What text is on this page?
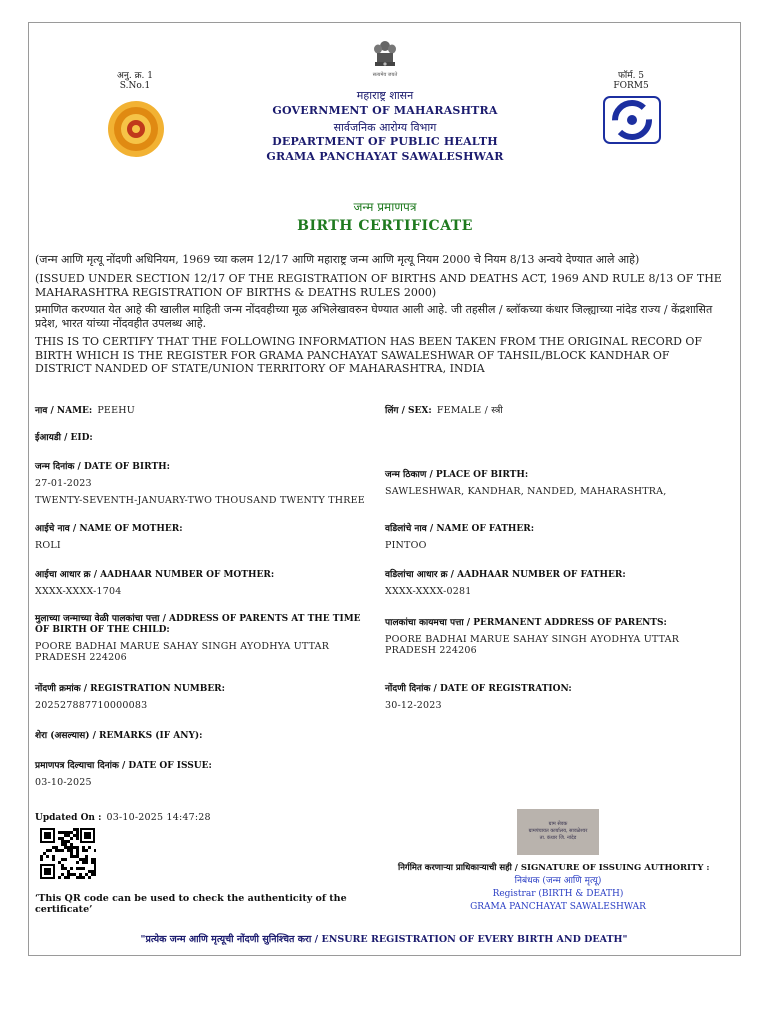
अनु. क्र. 1
S.No.1
फॉर्म. 5
FORM5
सत्यमेव जयते
महाराष्ट्र शासन
GOVERNMENT OF MAHARASHTRA
सार्वजनिक आरोग्य विभाग
DEPARTMENT OF PUBLIC HEALTH
GRAMA PANCHAYAT SAWALESHWAR
जन्म प्रमाणपत्र
BIRTH CERTIFICATE
(जन्म आणि मृत्यू नोंदणी अधिनियम, 1969 च्या कलम 12/17 आणि महाराष्ट्र जन्म आणि मृत्यू नियम 2000 चे नियम 8/13 अन्वये देण्यात आले आहे)
(ISSUED UNDER SECTION 12/17 OF THE REGISTRATION OF BIRTHS AND DEATHS ACT, 1969 AND RULE 8/13 OF THE MAHARASHTRA REGISTRATION OF BIRTHS & DEATHS RULES 2000)
प्रमाणित करण्यात येत आहे की खालील माहिती जन्म नोंदवहीच्या मूळ अभिलेखावरुन घेण्यात आली आहे. जी तहसील / ब्लॉकच्या कंधार जिल्ह्याच्या नांदेड राज्य / केंद्रशासित प्रदेश, भारत यांच्या नोंदवहीत उपलब्ध आहे.
THIS IS TO CERTIFY THAT THE FOLLOWING INFORMATION HAS BEEN TAKEN FROM THE ORIGINAL RECORD OF BIRTH WHICH IS THE REGISTER FOR GRAMA PANCHAYAT SAWALESHWAR OF TAHSIL/BLOCK KANDHAR OF DISTRICT NANDED OF STATE/UNION TERRITORY OF MAHARASHTRA, INDIA
नाव / NAME: PEEHU	लिंग / SEX: FEMALE / स्त्री
ईआयडी / EID:
जन्म दिनांक / DATE OF BIRTH:
27-01-2023
TWENTY-SEVENTH-JANUARY-TWO THOUSAND TWENTY THREE
जन्म ठिकाण / PLACE OF BIRTH:
SAWLESHWAR, KANDHAR, NANDED, MAHARASHTRA,
आईचे नाव / NAME OF MOTHER:
ROLI
वडिलांचे नाव / NAME OF FATHER:
PINTOO
आईचा आधार क्र / AADHAAR NUMBER OF MOTHER:
XXXX-XXXX-1704
वडिलांचा आधार क्र / AADHAAR NUMBER OF FATHER:
XXXX-XXXX-0281
मुलाच्या जन्माच्या वेळी पालकांचा पत्ता / ADDRESS OF PARENTS AT THE TIME OF BIRTH OF THE CHILD:
POORE BADHAI MARUE SAHAY SINGH AYODHYA UTTAR PRADESH 224206
पालकांचा कायमचा पत्ता / PERMANENT ADDRESS OF PARENTS:
POORE BADHAI MARUE SAHAY SINGH AYODHYA UTTAR PRADESH 224206
नोंदणी क्रमांक / REGISTRATION NUMBER:
202527887710000083
नोंदणी दिनांक / DATE OF REGISTRATION:
30-12-2023
शेरा (असल्यास) / REMARKS (IF ANY):
प्रमाणपत्र दिल्याचा दिनांक / DATE OF ISSUE:
03-10-2025
Updated On : 03-10-2025 14:47:28
‘This QR code can be used to check the authenticity of the certificate’
ग्राम सेवक
ग्रामपंचायत कार्यालय, सावळेश्वर
ता. कंधार जि. नांदेड
निर्गमित करणाऱ्या प्राधिकाऱ्याची सही / SIGNATURE OF ISSUING AUTHORITY :
निबंधक (जन्म आणि मृत्यू)
Registrar (BIRTH & DEATH)
GRAMA PANCHAYAT SAWALESHWAR
"प्रत्येक जन्म आणि मृत्यूची नोंदणी सुनिश्चित करा / ENSURE REGISTRATION OF EVERY BIRTH AND DEATH"
